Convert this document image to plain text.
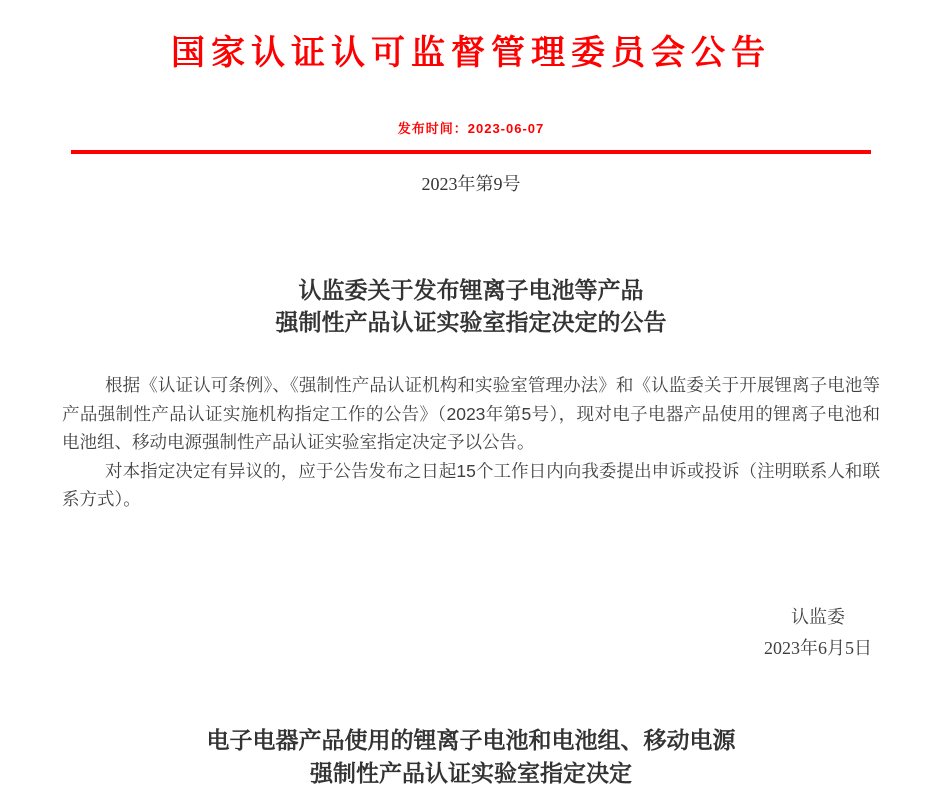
国家认证认可监督管理委员会公告
发布时间：2023-06-07
2023年第9号
认监委关于发布锂离子电池等产品
强制性产品认证实验室指定决定的公告

根据《认证认可条例》、《强制性产品认证机构和实验室管理办法》和《认监委关于开展锂离子电池等产品强制性产品认证实施机构指定工作的公告》（2023年第5号），现对电子电器产品使用的锂离子电池和电池组、移动电源强制性产品认证实验室指定决定予以公告。

对本指定决定有异议的，应于公告发布之日起15个工作日内向我委提出申诉或投诉（注明联系人和联系方式）。

认监委
2023年6月5日
电子电器产品使用的锂离子电池和电池组、移动电源
强制性产品认证实验室指定决定
